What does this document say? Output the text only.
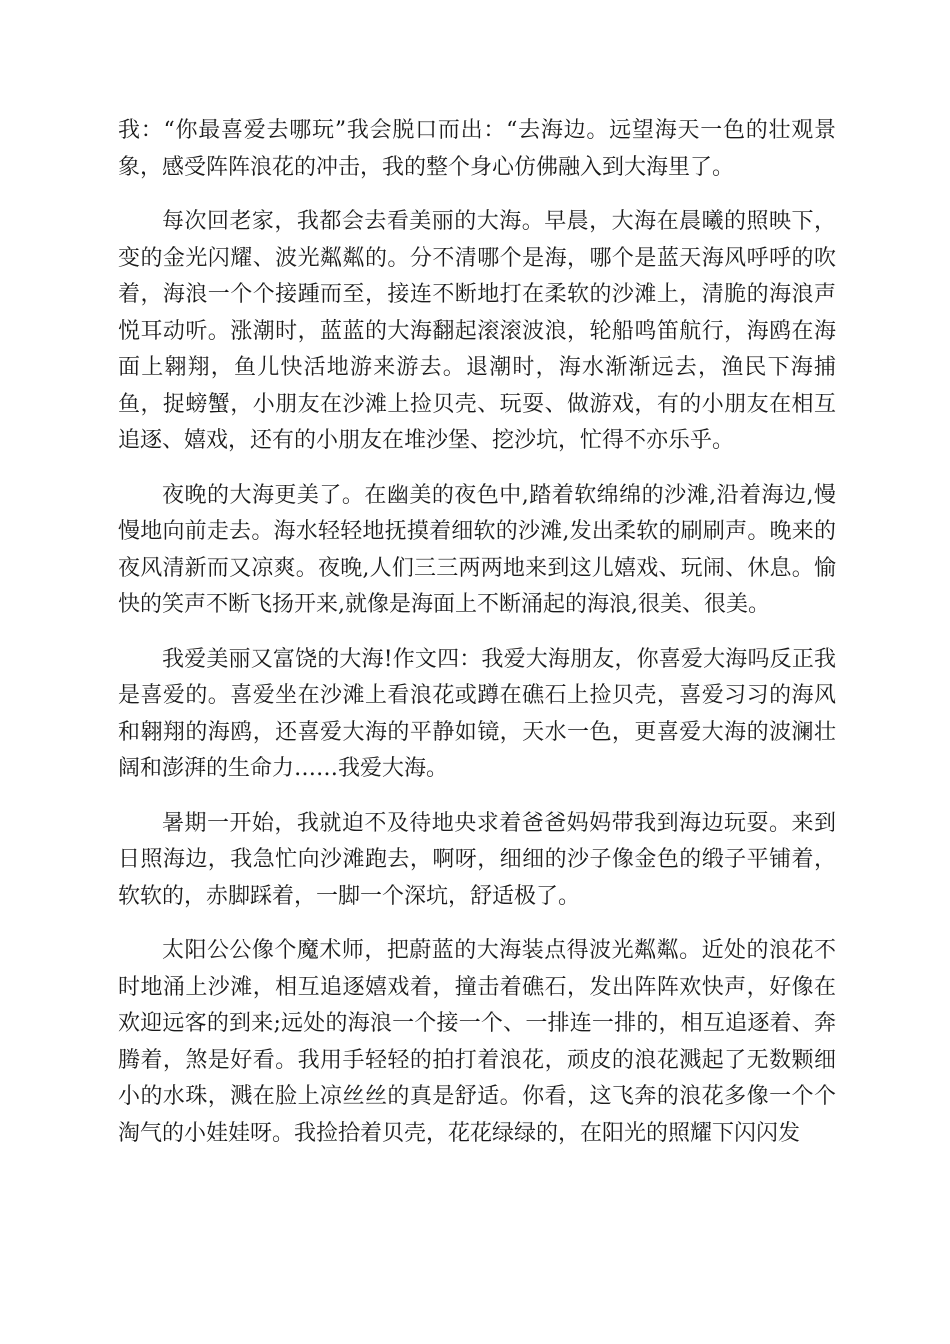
我：“你最喜爱去哪玩”我会脱口而出：“去海边。远望海天一色的壮观景象，感受阵阵浪花的冲击，我的整个身心仿佛融入到大海里了。

每次回老家，我都会去看美丽的大海。早晨，大海在晨曦的照映下，变的金光闪耀、波光粼粼的。分不清哪个是海，哪个是蓝天海风呼呼的吹着，海浪一个个接踵而至，接连不断地打在柔软的沙滩上，清脆的海浪声悦耳动听。涨潮时，蓝蓝的大海翻起滚滚波浪，轮船鸣笛航行，海鸥在海面上翱翔，鱼儿快活地游来游去。退潮时，海水渐渐远去，渔民下海捕鱼，捉螃蟹，小朋友在沙滩上捡贝壳、玩耍、做游戏，有的小朋友在相互追逐、嬉戏，还有的小朋友在堆沙堡、挖沙坑，忙得不亦乐乎。

夜晚的大海更美了。在幽美的夜色中,踏着软绵绵的沙滩,沿着海边,慢慢地向前走去。海水轻轻地抚摸着细软的沙滩,发出柔软的刷刷声。晚来的夜风清新而又凉爽。夜晚,人们三三两两地来到这儿嬉戏、玩闹、休息。愉快的笑声不断飞扬开来,就像是海面上不断涌起的海浪,很美、很美。

我爱美丽又富饶的大海!作文四：我爱大海朋友，你喜爱大海吗反正我是喜爱的。喜爱坐在沙滩上看浪花或蹲在礁石上捡贝壳，喜爱习习的海风和翱翔的海鸥，还喜爱大海的平静如镜，天水一色，更喜爱大海的波澜壮阔和澎湃的生命力……我爱大海。

暑期一开始，我就迫不及待地央求着爸爸妈妈带我到海边玩耍。来到日照海边，我急忙向沙滩跑去，啊呀，细细的沙子像金色的缎子平铺着，软软的，赤脚踩着，一脚一个深坑，舒适极了。

太阳公公像个魔术师，把蔚蓝的大海装点得波光粼粼。近处的浪花不时地涌上沙滩，相互追逐嬉戏着，撞击着礁石，发出阵阵欢快声，好像在欢迎远客的到来;远处的海浪一个接一个、一排连一排的，相互追逐着、奔腾着，煞是好看。我用手轻轻的拍打着浪花，顽皮的浪花溅起了无数颗细小的水珠，溅在脸上凉丝丝的真是舒适。你看，这飞奔的浪花多像一个个淘气的小娃娃呀。我捡拾着贝壳，花花绿绿的，在阳光的照耀下闪闪发
